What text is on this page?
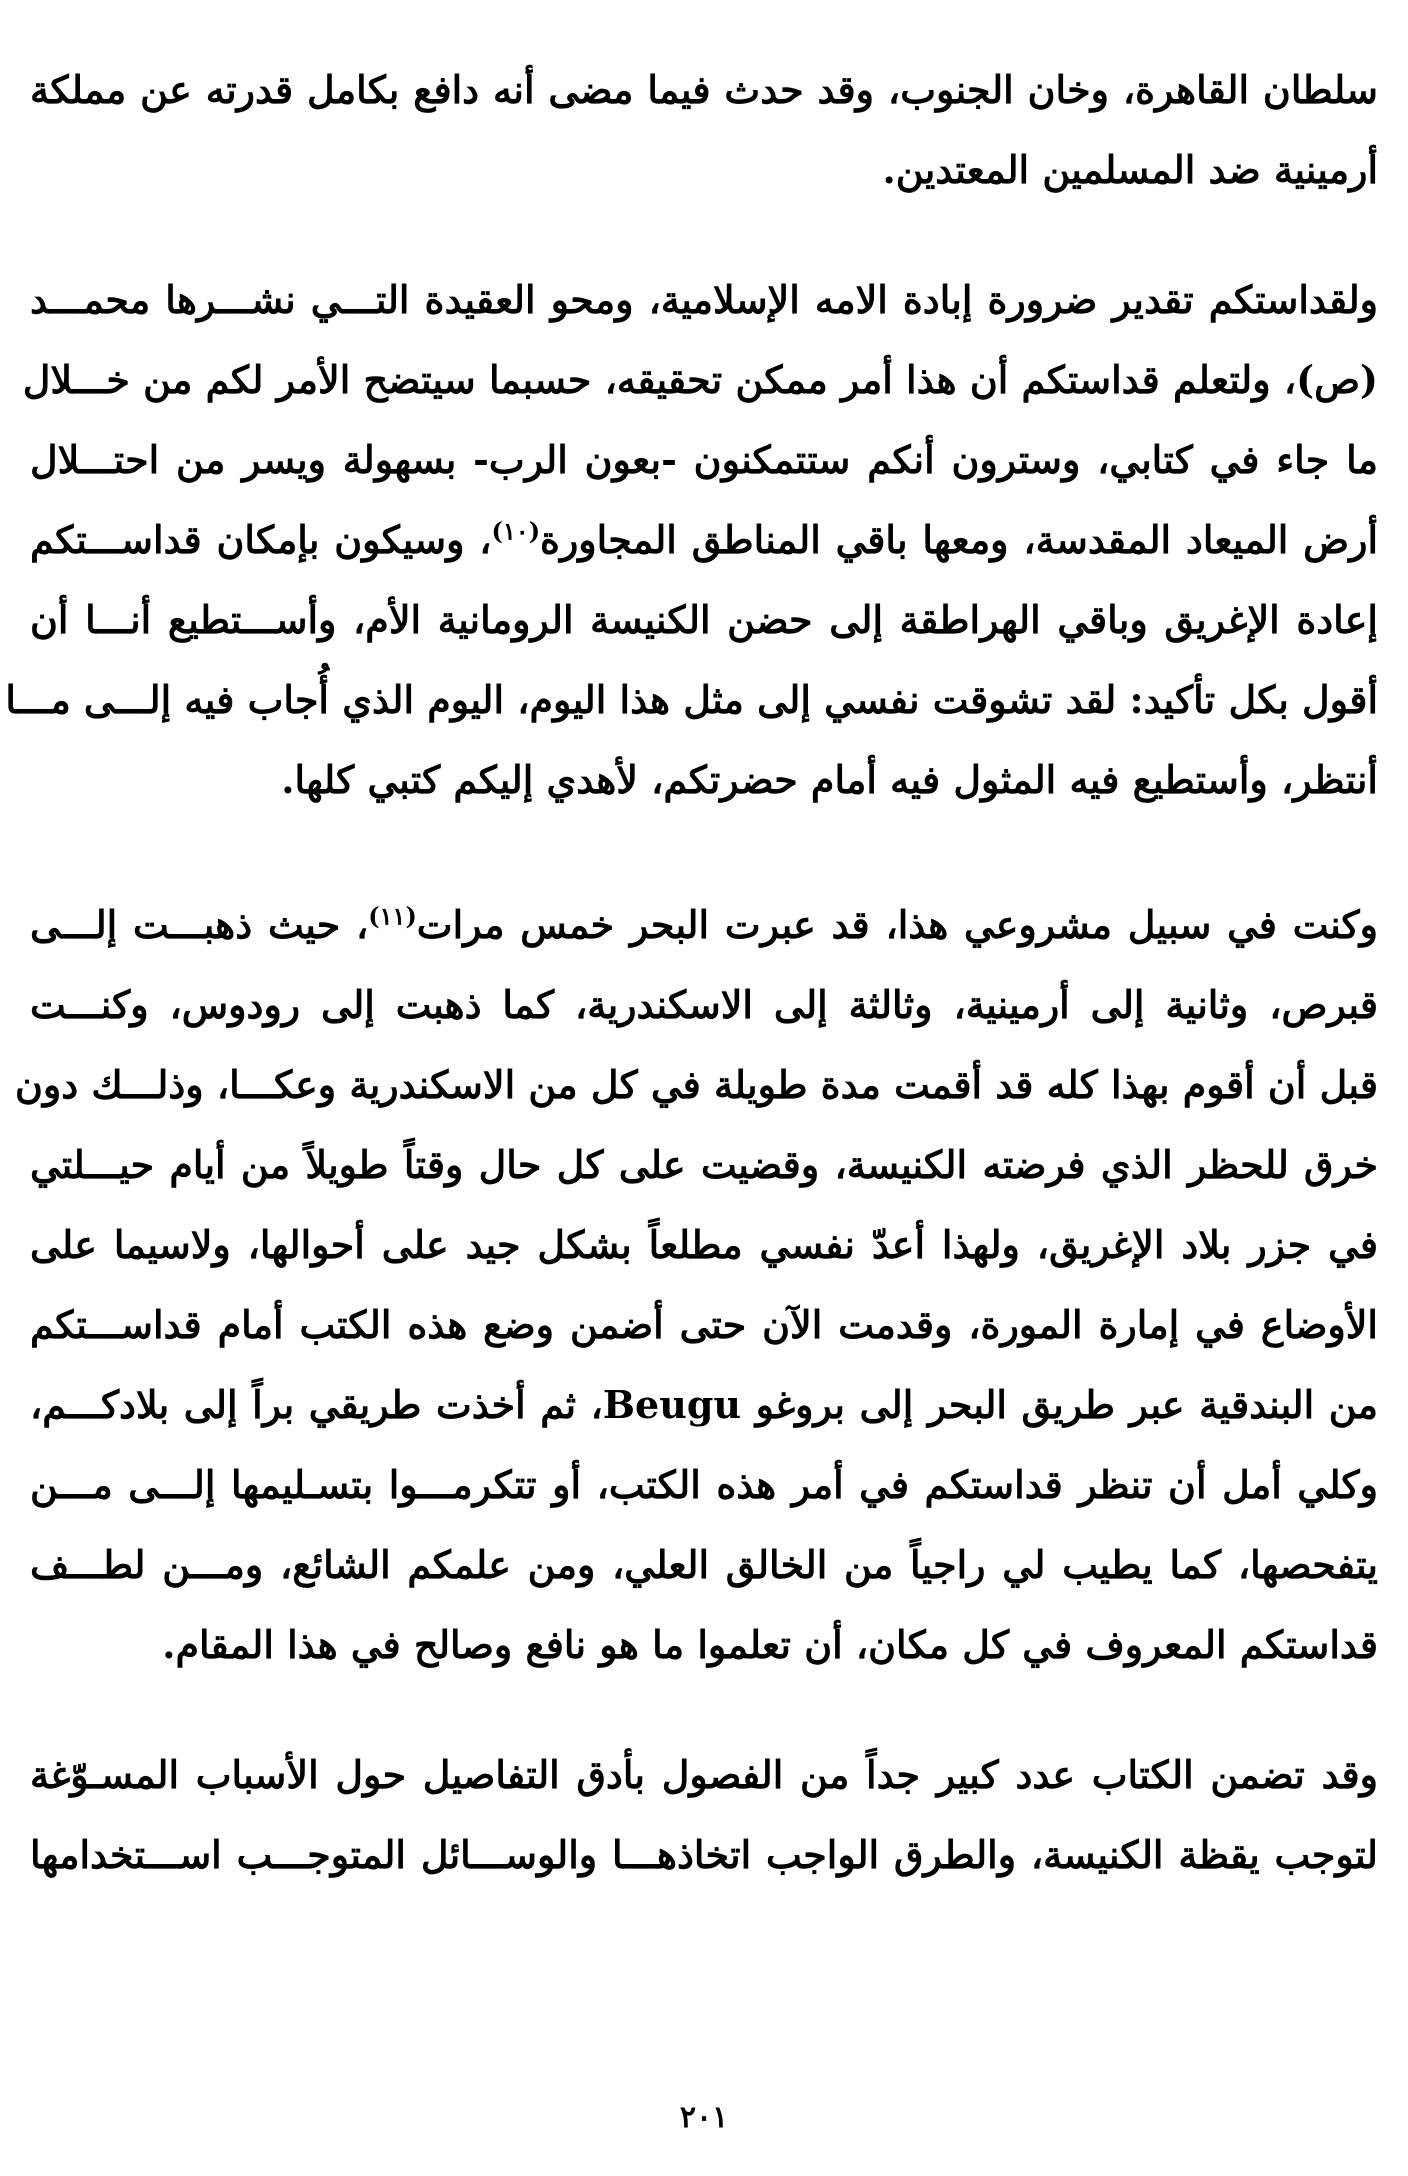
سلطان القاهرة، وخان الجنوب، وقد حدث فيما مضى أنه دافع بكامل قدرته عن مملكة
أرمينية ضد المسلمين المعتدين.
ولقداستكم تقدير ضرورة إبادة الامه الإسلامية، ومحو العقيدة التـــي نشـــرها محمـــد
(ص)، ولتعلم قداستكم أن هذا أمر ممكن تحقيقه، حسبما سيتضح الأمر لكم من خـــلال
ما جاء في كتابي، وسترون أنكم ستتمكنون -بعون الرب- بسهولة ويسر من احتـــلال
أرض الميعاد المقدسة، ومعها باقي المناطق المجاورة$^{(١٠)}$، وسيكون بإمكان قداســـتكم
إعادة الإغريق وباقي الهراطقة إلى حضن الكنيسة الرومانية الأم، وأســـتطيع أنـــا أن
أقول بكل تأكيد: لقد تشوقت نفسي إلى مثل هذا اليوم، اليوم الذي أُجاب فيه إلـــى مـــا
أنتظر، وأستطيع فيه المثول فيه أمام حضرتكم، لأهدي إليكم كتبي كلها.
وكنت في سبيل مشروعي هذا، قد عبرت البحر خمس مرات$^{(١١)}$، حيث ذهبـــت إلـــى
قبرص، وثانية إلى أرمينية، وثالثة إلى الاسكندرية، كما ذهبت إلى رودوس، وكنـــت
قبل أن أقوم بهذا كله قد أقمت مدة طويلة في كل من الاسكندرية وعكـــا، وذلـــك دون
خرق للحظر الذي فرضته الكنيسة، وقضيت على كل حال وقتاً طويلاً من أيام حيـــلتي
في جزر بلاد الإغريق، ولهذا أعدّ نفسي مطلعاً بشكل جيد على أحوالها، ولاسيما على
الأوضاع في إمارة المورة، وقدمت الآن حتى أضمن وضع هذه الكتب أمام قداســـتكم
من البندقية عبر طريق البحر إلى بروغو Beugu، ثم أخذت طريقي براً إلى بلادكـــم،
وكلي أمل أن تنظر قداستكم في أمر هذه الكتب، أو تتكرمـــوا بتسـليمها إلـــى مـــن
يتفحصها، كما يطيب لي راجياً من الخالق العلي، ومن علمكم الشائع، ومـــن لطـــف
قداستكم المعروف في كل مكان، أن تعلموا ما هو نافع وصالح في هذا المقام.
وقد تضمن الكتاب عدد كبير جداً من الفصول بأدق التفاصيل حول الأسباب المسـوّغة
لتوجب يقظة الكنيسة، والطرق الواجب اتخاذهـــا والوســـائل المتوجـــب اســـتخدامها
٢٠١
